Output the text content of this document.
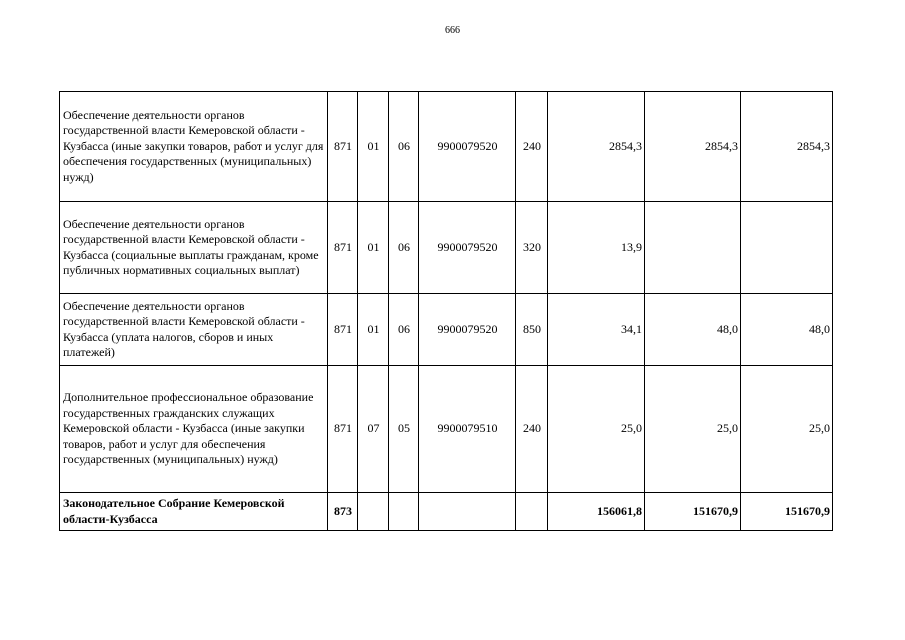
666
Обеспечение деятельности органов государственной власти Кемеровской области - Кузбасса (иные закупки товаров, работ и услуг для обеспечения государственных (муниципальных) нужд)	871	01	06	9900079520	240	2854,3	2854,3	2854,3
Обеспечение деятельности органов государственной власти Кемеровской области - Кузбасса (социальные выплаты гражданам, кроме публичных нормативных социальных выплат)	871	01	06	9900079520	320	13,9		
Обеспечение деятельности органов государственной власти Кемеровской области - Кузбасса (уплата налогов, сборов и иных платежей)	871	01	06	9900079520	850	34,1	48,0	48,0
Дополнительное профессиональное образование государственных гражданских служащих Кемеровской области - Кузбасса (иные закупки товаров, работ и услуг для обеспечения государственных (муниципальных) нужд)	871	07	05	9900079510	240	25,0	25,0	25,0
Законодательное Собрание Кемеровской области-Кузбасса	873					156061,8	151670,9	151670,9
